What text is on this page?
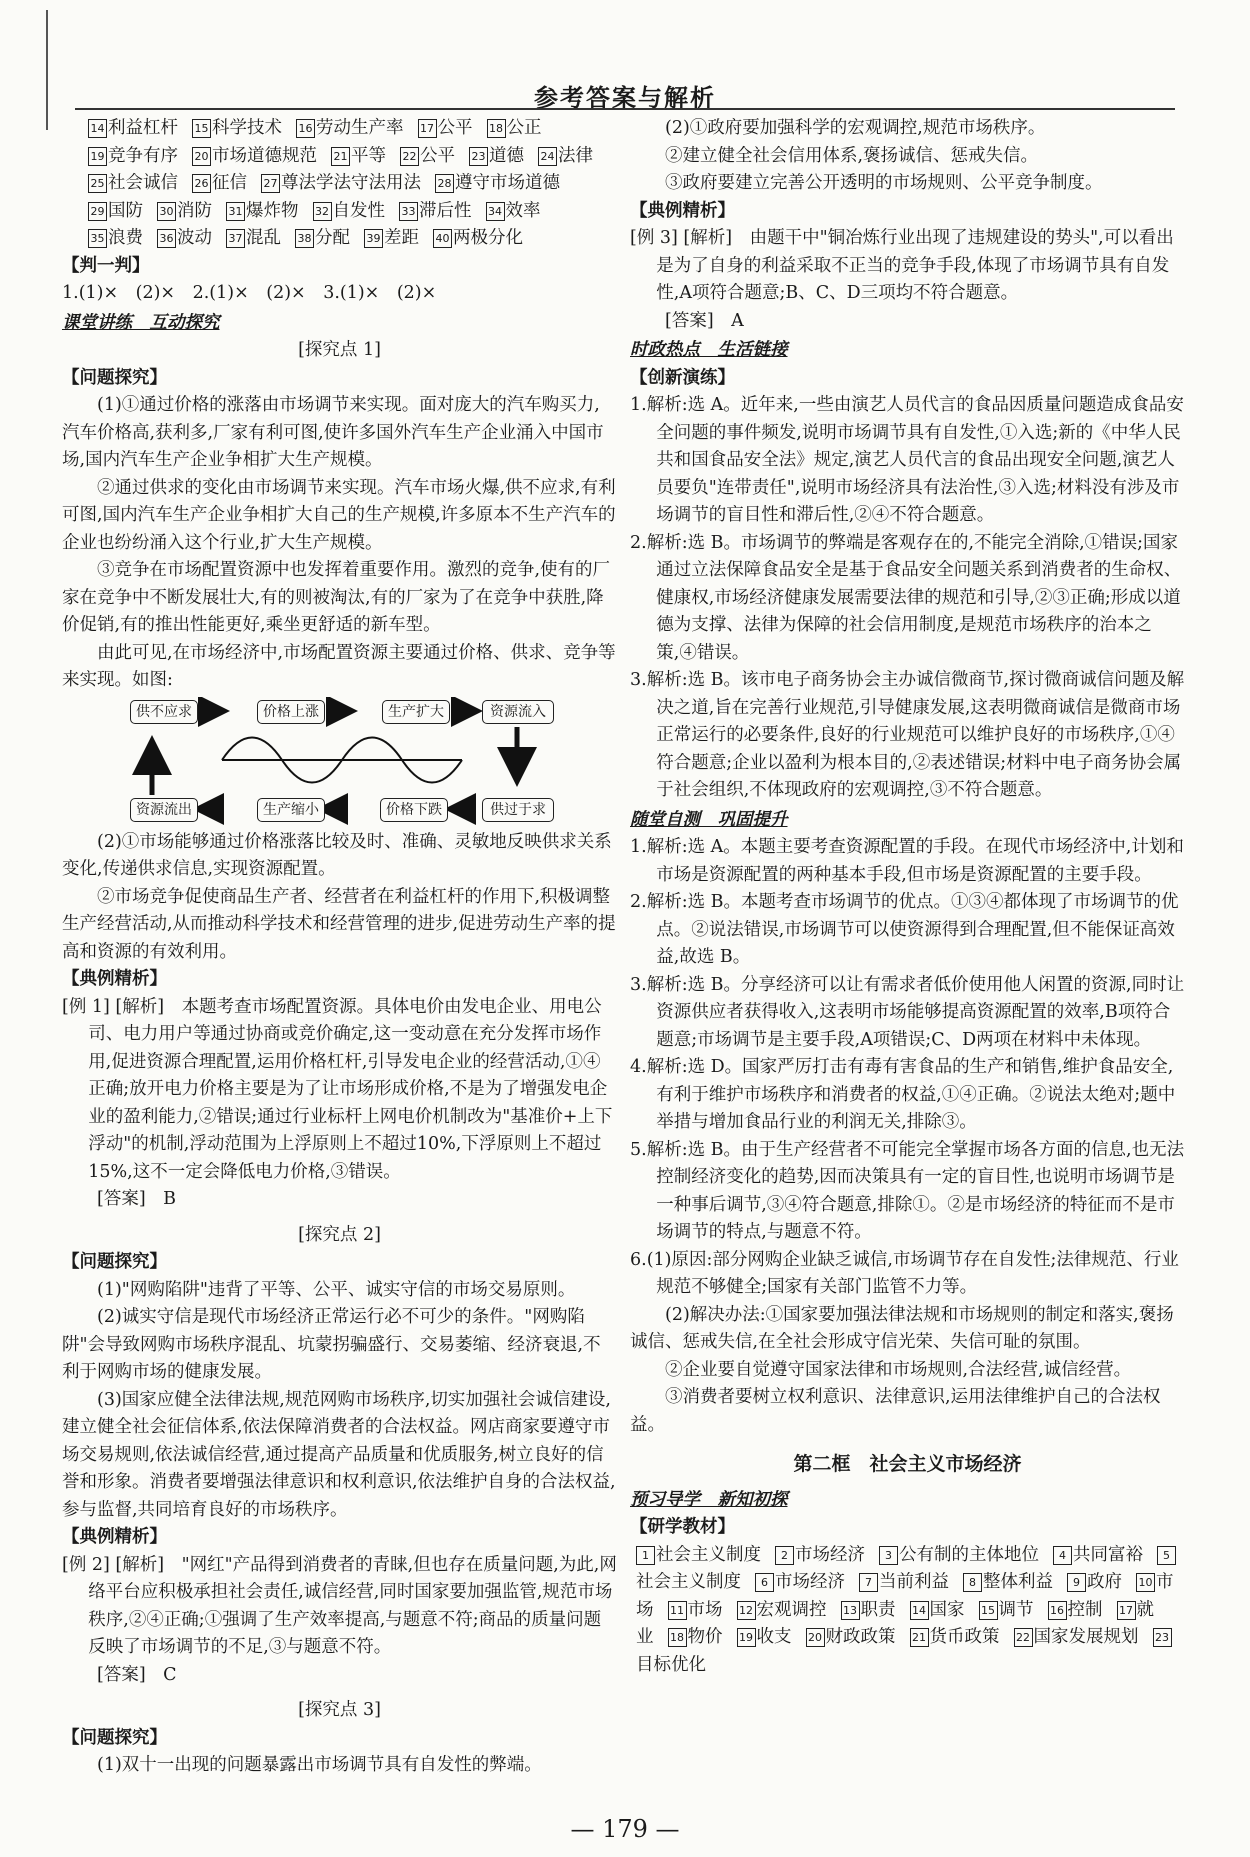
参考答案与解析

14 利益杠杆 15 科学技术 16 劳动生产率 17 公平 18 公正

19 竞争有序 20 市场道德规范 21 平等 22 公平 23 道德 24 法律

25 社会诚信 26 征信 27 尊法学法守法用法 28 遵守市场道德

29 国防 30 消防 31 爆炸物 32 自发性 33 滞后性 34 效率

35 浪费 36 波动 37 混乱 38 分配 39 差距 40 两极分化

【判一判】

1.(1)×　(2)×　2.(1)×　(2)×　3.(1)×　(2)×

课堂讲练　互动探究

[探究点 1]

【问题探究】

(1)①通过价格的涨落由市场调节来实现。面对庞大的汽车购买力,汽车价格高,获利多,厂家有利可图,使许多国外汽车生产企业涌入中国市场,国内汽车生产企业争相扩大生产规模。

②通过供求的变化由市场调节来实现。汽车市场火爆,供不应求,有利可图,国内汽车生产企业争相扩大自己的生产规模,许多原本不生产汽车的企业也纷纷涌入这个行业,扩大生产规模。

③竞争在市场配置资源中也发挥着重要作用。激烈的竞争,使有的厂家在竞争中不断发展壮大,有的则被淘汰,有的厂家为了在竞争中获胜,降价促销,有的推出性能更好,乘坐更舒适的新车型。

由此可见,在市场经济中,市场配置资源主要通过价格、供求、竞争等来实现。如图:

供不应求	价格上涨	生产扩大	资源流入
资源流出	生产缩小	价格下跌	供过于求

(2)①市场能够通过价格涨落比较及时、准确、灵敏地反映供求关系变化,传递供求信息,实现资源配置。

②市场竞争促使商品生产者、经营者在利益杠杆的作用下,积极调整生产经营活动,从而推动科学技术和经营管理的进步,促进劳动生产率的提高和资源的有效利用。

【典例精析】

[例 1] [解析]　本题考查市场配置资源。具体电价由发电企业、用电公司、电力用户等通过协商或竞价确定,这一变动意在充分发挥市场作用,促进资源合理配置,运用价格杠杆,引导发电企业的经营活动,①④正确;放开电力价格主要是为了让市场形成价格,不是为了增强发电企业的盈利能力,②错误;通过行业标杆上网电价机制改为"基准价+上下浮动"的机制,浮动范围为上浮原则上不超过10%,下浮原则上不超过15%,这不一定会降低电力价格,③错误。

[答案]　B

[探究点 2]

【问题探究】

(1)"网购陷阱"违背了平等、公平、诚实守信的市场交易原则。

(2)诚实守信是现代市场经济正常运行必不可少的条件。"网购陷阱"会导致网购市场秩序混乱、坑蒙拐骗盛行、交易萎缩、经济衰退,不利于网购市场的健康发展。

(3)国家应健全法律法规,规范网购市场秩序,切实加强社会诚信建设,建立健全社会征信体系,依法保障消费者的合法权益。网店商家要遵守市场交易规则,依法诚信经营,通过提高产品质量和优质服务,树立良好的信誉和形象。消费者要增强法律意识和权利意识,依法维护自身的合法权益,参与监督,共同培育良好的市场秩序。

【典例精析】

[例 2] [解析]　"网红"产品得到消费者的青睐,但也存在质量问题,为此,网络平台应积极承担社会责任,诚信经营,同时国家要加强监管,规范市场秩序,②④正确;①强调了生产效率提高,与题意不符;商品的质量问题反映了市场调节的不足,③与题意不符。

[答案]　C

[探究点 3]

【问题探究】

(1)双十一出现的问题暴露出市场调节具有自发性的弊端。

(2)①政府要加强科学的宏观调控,规范市场秩序。

②建立健全社会信用体系,褒扬诚信、惩戒失信。

③政府要建立完善公开透明的市场规则、公平竞争制度。

【典例精析】

[例 3] [解析]　由题干中"铜冶炼行业出现了违规建设的势头",可以看出是为了自身的利益采取不正当的竞争手段,体现了市场调节具有自发性,A项符合题意;B、C、D三项均不符合题意。

[答案]　A

时政热点　生活链接

【创新演练】

1.解析:选 A。近年来,一些由演艺人员代言的食品因质量问题造成食品安全问题的事件频发,说明市场调节具有自发性,①入选;新的《中华人民共和国食品安全法》规定,演艺人员代言的食品出现安全问题,演艺人员要负"连带责任",说明市场经济具有法治性,③入选;材料没有涉及市场调节的盲目性和滞后性,②④不符合题意。

2.解析:选 B。市场调节的弊端是客观存在的,不能完全消除,①错误;国家通过立法保障食品安全是基于食品安全问题关系到消费者的生命权、健康权,市场经济健康发展需要法律的规范和引导,②③正确;形成以道德为支撑、法律为保障的社会信用制度,是规范市场秩序的治本之策,④错误。

3.解析:选 B。该市电子商务协会主办诚信微商节,探讨微商诚信问题及解决之道,旨在完善行业规范,引导健康发展,这表明微商诚信是微商市场正常运行的必要条件,良好的行业规范可以维护良好的市场秩序,①④符合题意;企业以盈利为根本目的,②表述错误;材料中电子商务协会属于社会组织,不体现政府的宏观调控,③不符合题意。

随堂自测　巩固提升

1.解析:选 A。本题主要考查资源配置的手段。在现代市场经济中,计划和市场是资源配置的两种基本手段,但市场是资源配置的主要手段。

2.解析:选 B。本题考查市场调节的优点。①③④都体现了市场调节的优点。②说法错误,市场调节可以使资源得到合理配置,但不能保证高效益,故选 B。

3.解析:选 B。分享经济可以让有需求者低价使用他人闲置的资源,同时让资源供应者获得收入,这表明市场能够提高资源配置的效率,B项符合题意;市场调节是主要手段,A项错误;C、D两项在材料中未体现。

4.解析:选 D。国家严厉打击有毒有害食品的生产和销售,维护食品安全,有利于维护市场秩序和消费者的权益,①④正确。②说法太绝对;题中举措与增加食品行业的利润无关,排除③。

5.解析:选 B。由于生产经营者不可能完全掌握市场各方面的信息,也无法控制经济变化的趋势,因而决策具有一定的盲目性,也说明市场调节是一种事后调节,③④符合题意,排除①。②是市场经济的特征而不是市场调节的特点,与题意不符。

6.(1)原因:部分网购企业缺乏诚信,市场调节存在自发性;法律规范、行业规范不够健全;国家有关部门监管不力等。

(2)解决办法:①国家要加强法律法规和市场规则的制定和落实,褒扬诚信、惩戒失信,在全社会形成守信光荣、失信可耻的氛围。

②企业要自觉遵守国家法律和市场规则,合法经营,诚信经营。

③消费者要树立权利意识、法律意识,运用法律维护自己的合法权益。

第二框　社会主义市场经济

预习导学　新知初探

【研学教材】

1 社会主义制度 2 市场经济 3 公有制的主体地位 4 共同富裕 5社会主义制度 6 市场经济 7 当前利益 8 整体利益 9 政府 10 市场 11 市场 12 宏观调控 13 职责 14 国家 15 调节 16 控制 17 就业 18 物价 19 收支 20 财政政策 21 货币政策 22 国家发展规划 23目标优化

— 179 —
